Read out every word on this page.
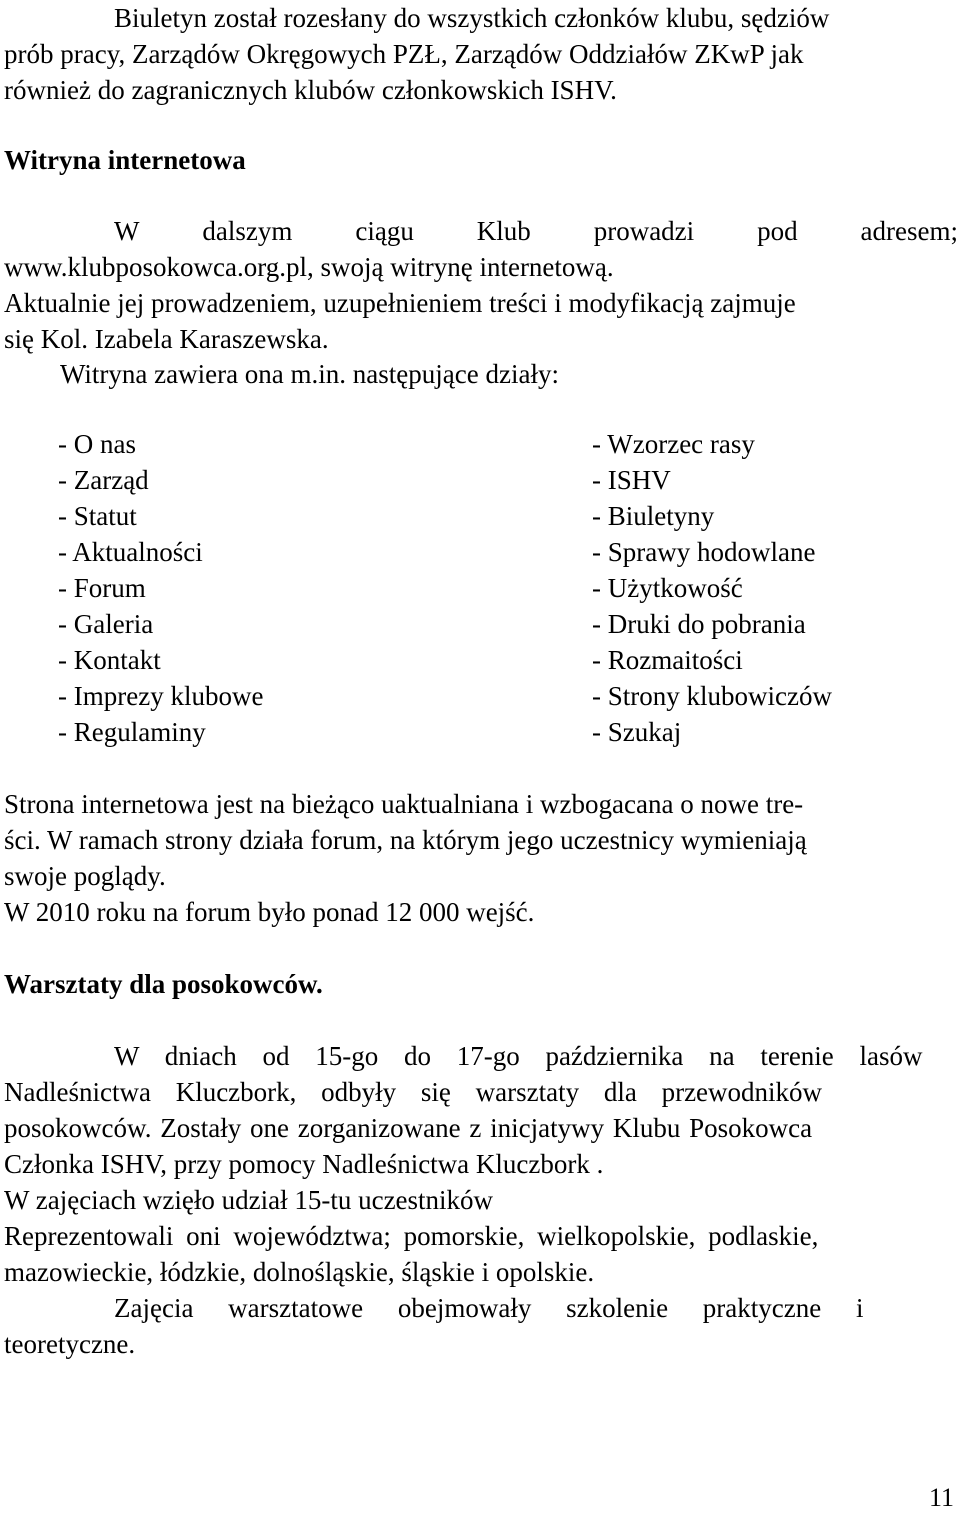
Biuletyn został rozesłany do wszystkich członków klubu, sędziów
prób pracy, Zarządów Okręgowych PZŁ, Zarządów Oddziałów ZKwP jak
również do zagranicznych klubów członkowskich ISHV.
Witryna internetowa
W dalszym ciągu Klub prowadzi pod adresem;
www.klubposokowca.org.pl, swoją witrynę internetową.
Aktualnie jej prowadzeniem, uzupełnieniem treści i modyfikacją zajmuje
się Kol. Izabela Karaszewska.
Witryna zawiera ona m.in. następujące działy:
- O nas
- Zarząd
- Statut
- Aktualności
- Forum
- Galeria
- Kontakt
- Imprezy klubowe
- Regulaminy
- Wzorzec rasy
- ISHV
- Biuletyny
- Sprawy hodowlane
- Użytkowość
- Druki do pobrania
- Rozmaitości
- Strony klubowiczów
- Szukaj
Strona internetowa jest na bieżąco uaktualniana i wzbogacana o nowe tre-
ści. W ramach strony działa forum, na którym jego uczestnicy wymieniają
swoje poglądy.
W 2010 roku na forum było ponad 12 000 wejść.
Warsztaty dla posokowców.
W dniach od 15-go do 17-go października na terenie lasów
Nadleśnictwa Kluczbork, odbyły się warsztaty dla przewodników
posokowców. Zostały one zorganizowane z inicjatywy Klubu Posokowca
Członka ISHV, przy pomocy Nadleśnictwa Kluczbork .
W zajęciach wzięło udział 15-tu uczestników
Reprezentowali oni województwa; pomorskie, wielkopolskie, podlaskie,
mazowieckie, łódzkie, dolnośląskie, śląskie i opolskie.
Zajęcia warsztatowe obejmowały szkolenie praktyczne i
teoretyczne.
11
